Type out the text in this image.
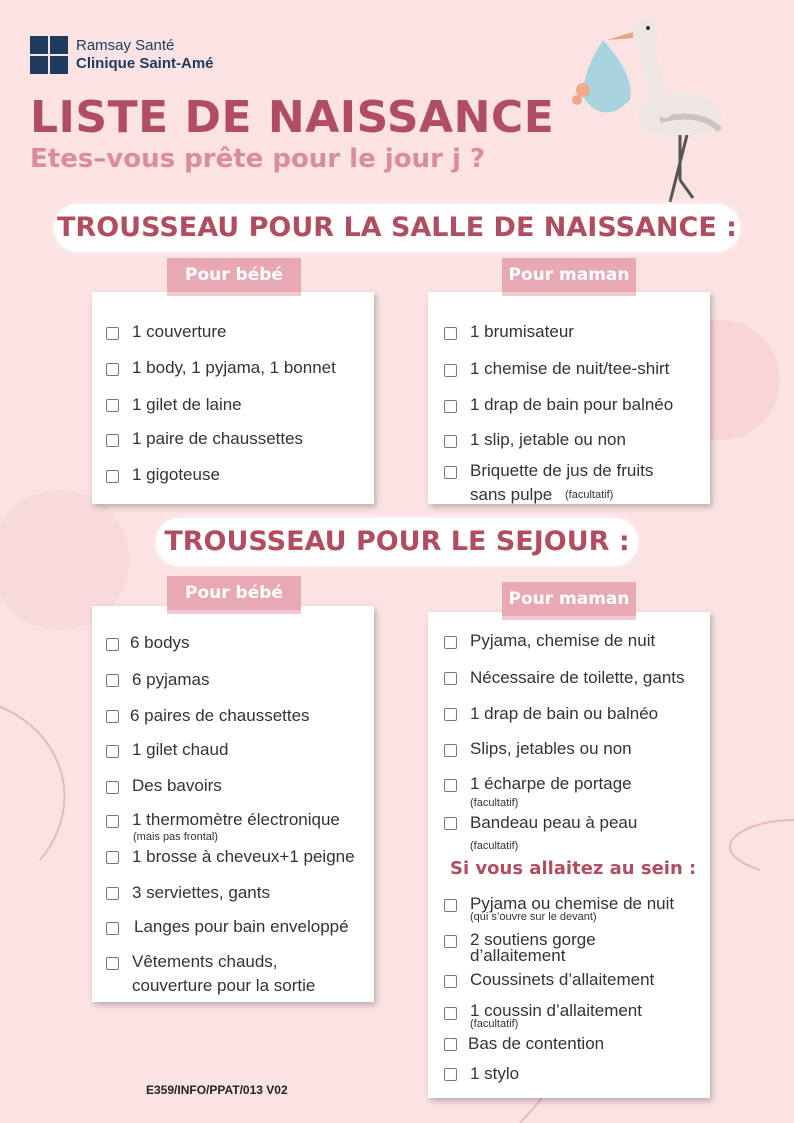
Ramsay Santé
Clinique Saint-Amé
LISTE DE NAISSANCE
Etes–vous prête pour le jour j ?
TROUSSEAU POUR LA SALLE DE NAISSANCE :
Pour bébé
1 couverture
1 body, 1 pyjama, 1 bonnet
1 gilet de laine
1 paire de chaussettes
1 gigoteuse
Pour maman
1 brumisateur
1 chemise de nuit/tee-shirt
1 drap de bain pour balnéo
1 slip, jetable ou non
Briquette de jus de fruits
sans pulpe (facultatif)
TROUSSEAU POUR LE SEJOUR :
Pour bébé
6 bodys
6 pyjamas
6 paires de chaussettes
1 gilet chaud
Des bavoirs
1 thermomètre électronique
(mais pas frontal)
1 brosse à cheveux+1 peigne
3 serviettes, gants
Langes pour bain enveloppé
Vêtements chauds,
couverture pour la sortie
Pour maman
Pyjama, chemise de nuit
Nécessaire de toilette, gants
1 drap de bain ou balnéo
Slips, jetables ou non
1 écharpe de portage
(facultatif)
Bandeau peau à peau
(facultatif)
Si vous allaitez au sein :
Pyjama ou chemise de nuit
(qui s’ouvre sur le devant)
2 soutiens gorge
d’allaitement
Coussinets d’allaitement
1 coussin d’allaitement
(facultatif)
Bas de contention
1 stylo
E359/INFO/PPAT/013 V02
